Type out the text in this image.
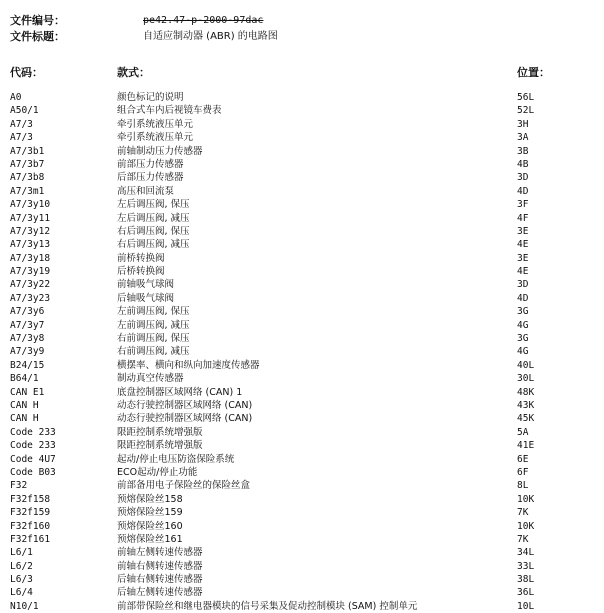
文件编号：	pe42.47-p-2000-97dac
文件标题：	自适应制动器 (ABR) 的电路图
代码：	款式：	位置：
A0	颜色标记的说明	56L
A50/1	组合式车内后视镜车费表	52L
A7/3	牵引系统液压单元	3H
A7/3	牵引系统液压单元	3A
A7/3b1	前轴制动压力传感器	3B
A7/3b7	前部压力传感器	4B
A7/3b8	后部压力传感器	3D
A7/3m1	高压和回流泵	4D
A7/3y10	左后调压阀, 保压	3F
A7/3y11	左后调压阀, 减压	4F
A7/3y12	右后调压阀, 保压	3E
A7/3y13	右后调压阀, 减压	4E
A7/3y18	前桥转换阀	3E
A7/3y19	后桥转换阀	4E
A7/3y22	前轴吸气球阀	3D
A7/3y23	后轴吸气球阀	4D
A7/3y6	左前调压阀, 保压	3G
A7/3y7	左前调压阀, 减压	4G
A7/3y8	右前调压阀, 保压	3G
A7/3y9	右前调压阀, 减压	4G
B24/15	横摆率、横向和纵向加速度传感器	40L
B64/1	制动真空传感器	30L
CAN E1	底盘控制器区域网络 (CAN) 1	48K
CAN H	动态行驶控制器区域网络 (CAN)	43K
CAN H	动态行驶控制器区域网络 (CAN)	45K
Code 233	限距控制系统增强版	5A
Code 233	限距控制系统增强版	41E
Code 4U7	起动/停止电压防盗保险系统	6E
Code B03	ECO起动/停止功能	6F
F32	前部备用电子保险丝的保险丝盒	8L
F32f158	预熔保险丝158	10K
F32f159	预熔保险丝159	7K
F32f160	预熔保险丝160	10K
F32f161	预熔保险丝161	7K
L6/1	前轴左侧转速传感器	34L
L6/2	前轴右侧转速传感器	33L
L6/3	后轴右侧转速传感器	38L
L6/4	后轴左侧转速传感器	36L
N10/1	前部带保险丝和继电器模块的信号采集及促动控制模块 (SAM) 控制单元	10L
